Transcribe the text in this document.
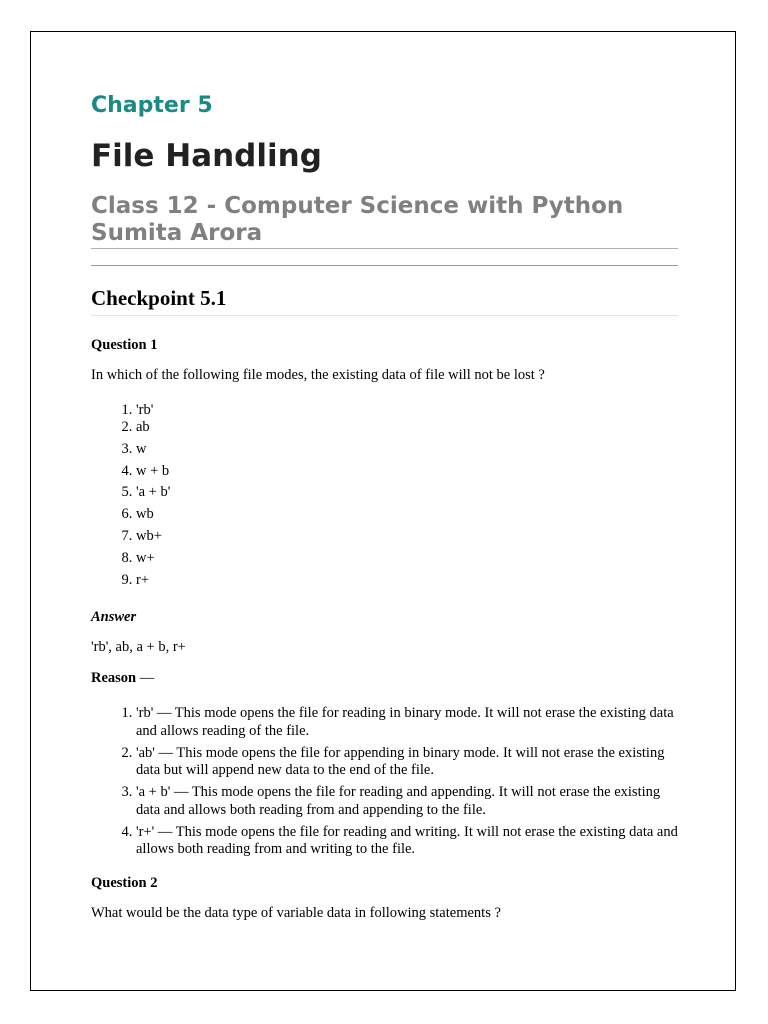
Chapter 5
File Handling
Class 12 - Computer Science with Python
Sumita Arora
Checkpoint 5.1
Question 1
In which of the following file modes, the existing data of file will not be lost ?
1. 'rb'
2. ab
3. w
4. w + b
5. 'a + b'
6. wb
7. wb+
8. w+
9. r+
Answer
'rb', ab, a + b, r+
Reason —
1. 'rb' — This mode opens the file for reading in binary mode. It will not erase the existing data and allows reading of the file.
2. 'ab' — This mode opens the file for appending in binary mode. It will not erase the existing data but will append new data to the end of the file.
3. 'a + b' — This mode opens the file for reading and appending. It will not erase the existing data and allows both reading from and appending to the file.
4. 'r+' — This mode opens the file for reading and writing. It will not erase the existing data and allows both reading from and writing to the file.
Question 2
What would be the data type of variable data in following statements ?
